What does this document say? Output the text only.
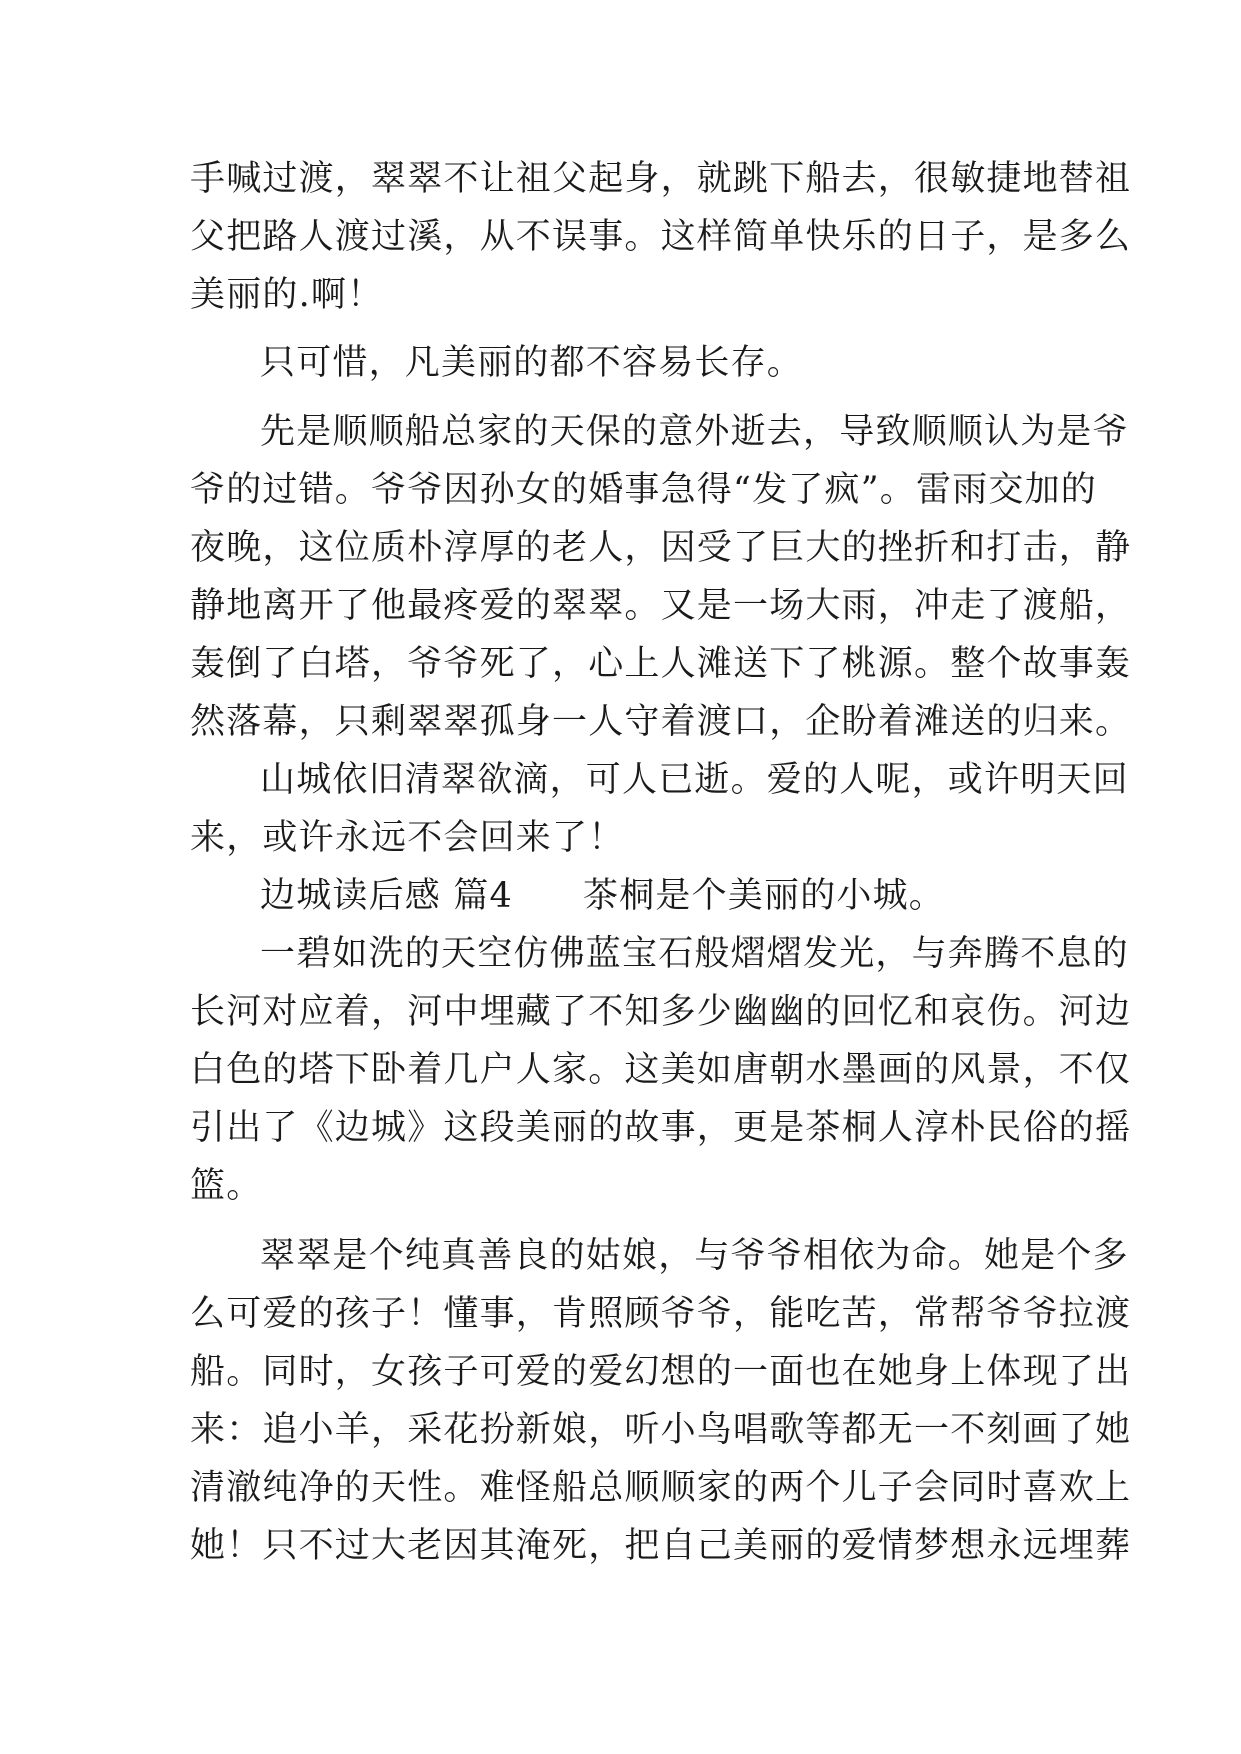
手喊过渡，翠翠不让祖父起身，就跳下船去，很敏捷地替祖
父把路人渡过溪，从不误事。这样简单快乐的日子，是多么
美丽的.啊！
只可惜，凡美丽的都不容易长存。
先是顺顺船总家的天保的意外逝去，导致顺顺认为是爷
爷的过错。爷爷因孙女的婚事急得“发了疯”。雷雨交加的
夜晚，这位质朴淳厚的老人，因受了巨大的挫折和打击，静
静地离开了他最疼爱的翠翠。又是一场大雨，冲走了渡船，
轰倒了白塔，爷爷死了，心上人滩送下了桃源。整个故事轰
然落幕，只剩翠翠孤身一人守着渡口，企盼着滩送的归来。
山城依旧清翠欲滴，可人已逝。爱的人呢，或许明天回
来，或许永远不会回来了！
边城读后感 篇4 茶桐是个美丽的小城。
一碧如洗的天空仿佛蓝宝石般熠熠发光，与奔腾不息的
长河对应着，河中埋藏了不知多少幽幽的回忆和哀伤。河边
白色的塔下卧着几户人家。这美如唐朝水墨画的风景，不仅
引出了《边城》这段美丽的故事，更是茶桐人淳朴民俗的摇
篮。
翠翠是个纯真善良的姑娘，与爷爷相依为命。她是个多
么可爱的孩子！懂事，肯照顾爷爷，能吃苦，常帮爷爷拉渡
船。同时，女孩子可爱的爱幻想的一面也在她身上体现了出
来：追小羊，采花扮新娘，听小鸟唱歌等都无一不刻画了她
清澈纯净的天性。难怪船总顺顺家的两个儿子会同时喜欢上
她！只不过大老因其淹死，把自己美丽的爱情梦想永远埋葬
